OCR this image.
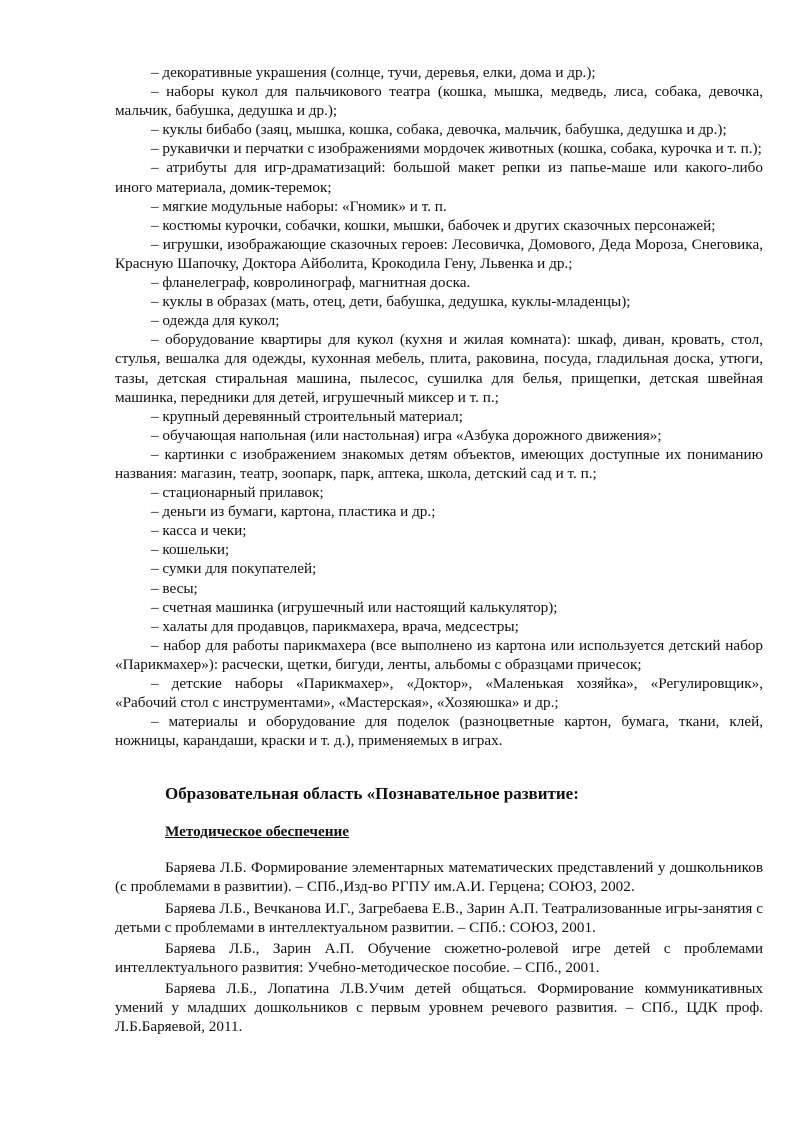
– декоративные украшения (солнце, тучи, деревья, елки, дома и др.);

– наборы кукол для пальчикового театра (кошка, мышка, медведь, лиса, собака, девочка, мальчик, бабушка, дедушка и др.);

– куклы бибабо (заяц, мышка, кошка, собака, девочка, мальчик, бабушка, дедушка и др.);

– рукавички и перчатки с изображениями мордочек животных (кошка, собака, курочка и т. п.);

– атрибуты для игр-драматизаций: большой макет репки из папье-маше или какого-либо иного материала, домик-теремок;

– мягкие модульные наборы: «Гномик» и т. п.

– костюмы курочки, собачки, кошки, мышки, бабочек и других сказочных персонажей;

– игрушки, изображающие сказочных героев: Лесовичка, Домового, Деда Мороза, Снеговика, Красную Шапочку, Доктора Айболита, Крокодила Гену, Львенка и др.;

– фланелеграф, ковролинограф, магнитная доска.

– куклы в образах (мать, отец, дети, бабушка, дедушка, куклы-младенцы);

– одежда для кукол;

– оборудование квартиры для кукол (кухня и жилая комната): шкаф, диван, кровать, стол, стулья, вешалка для одежды, кухонная мебель, плита, раковина, посуда, гладильная доска, утюги, тазы, детская стиральная машина, пылесос, сушилка для белья, прищепки, детская швейная машинка, передники для детей, игрушечный миксер и т. п.;

– крупный деревянный строительный материал;

– обучающая напольная (или настольная) игра «Азбука дорожного движения»;

– картинки с изображением знакомых детям объектов, имеющих доступные их пониманию названия: магазин, театр, зоопарк, парк, аптека, школа, детский сад и т. п.;

– стационарный прилавок;

– деньги из бумаги, картона, пластика и др.;

– касса и чеки;

– кошельки;

– сумки для покупателей;

– весы;

– счетная машинка (игрушечный или настоящий калькулятор);

– халаты для продавцов, парикмахера, врача, медсестры;

– набор для работы парикмахера (все выполнено из картона или используется детский набор «Парикмахер»): расчески, щетки, бигуди, ленты, альбомы с образцами причесок;

– детские наборы «Парикмахер», «Доктор», «Маленькая хозяйка», «Регулировщик», «Рабочий стол с инструментами», «Мастерская», «Хозяюшка» и др.;

– материалы и оборудование для поделок (разноцветные картон, бумага, ткани, клей, ножницы, карандаши, краски и т. д.), применяемых в играх.

Образовательная область «Познавательное развитие:
Методическое обеспечение

Баряева Л.Б. Формирование элементарных математических представлений у дошкольников (с проблемами в развитии). – СПб.,Изд-во РГПУ им.А.И. Герцена; СОЮЗ, 2002.

Баряева Л.Б., Вечканова И.Г., Загребаева Е.В., Зарин А.П. Театрализованные игры-занятия с детьми с проблемами в интеллектуальном развитии. – СПб.: СОЮЗ, 2001.

Баряева Л.Б., Зарин А.П. Обучение сюжетно-ролевой игре детей с проблемами интеллектуального развития: Учебно-методическое пособие. – СПб., 2001.

Баряева Л.Б., Лопатина Л.В.Учим детей общаться. Формирование коммуникативных умений у младших дошкольников с первым уровнем речевого развития. – СПб., ЦДК проф. Л.Б.Баряевой, 2011.
